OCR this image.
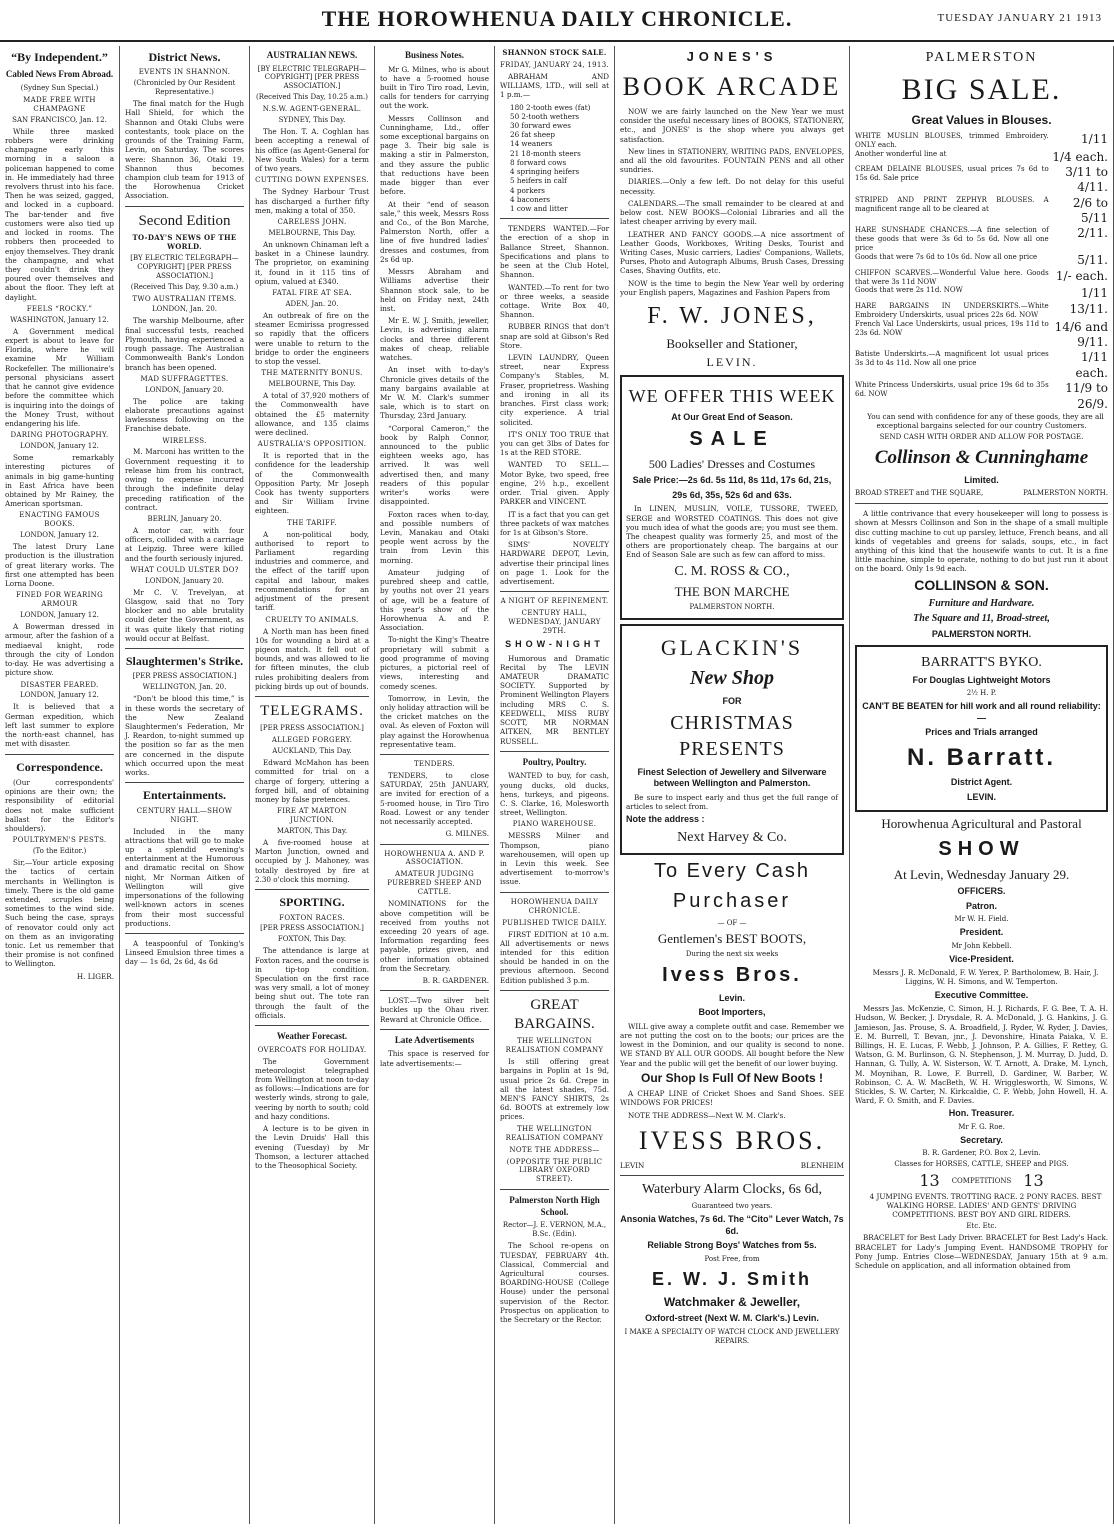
THE HOROWHENUA DAILY CHRONICLE.	TUESDAY JANUARY 21 1913
“By Independent.”
Cabled News From Abroad.
(Sydney Sun Special.)
MADE FREE WITH CHAMPAGNE
SAN FRANCISCO, Jan. 12.

While three masked robbers were drinking champagne early this morning in a saloon a policeman happened to come in. He immediately had three revolvers thrust into his face. Then he was seized, gagged, and locked in a cupboard. The bar-tender and five customers were also tied up and locked in rooms. The robbers then proceeded to enjoy themselves. They drank the champagne, and what they couldn't drink they poured over themselves and about the floor. They left at daylight.

FEELS “ROCKY.”
WASHINGTON, January 12.

A Government medical expert is about to leave for Florida, where he will examine Mr William Rockefeller. The millionaire's personal physicians assert that he cannot give evidence before the committee which is inquiring into the doings of the Money Trust, without endangering his life.

DARING PHOTOGRAPHY.
LONDON, January 12.

Some remarkably interesting pictures of animals in big game-hunting in East Africa have been obtained by Mr Rainey, the American sportsman.

ENACTING FAMOUS BOOKS.
LONDON, January 12.

The latest Drury Lane production is the illustration of great literary works. The first one attempted has been Lorna Doone.

FINED FOR WEARING ARMOUR
LONDON, January 12.

A Bowerman dressed in armour, after the fashion of a mediaeval knight, rode through the city of London to-day. He was advertising a picture show.

DISASTER FEARED.
LONDON, January 12.

It is believed that a German expedition, which left last summer to explore the north-east channel, has met with disaster.

Correspondence.

(Our correspondents' opinions are their own; the responsibility of editorial does not make sufficient ballast for the Editor's shoulders).

POULTRYMEN'S PESTS.
(To the Editor.)

Sir,—Your article exposing the tactics of certain merchants in Wellington is timely. There is the old game extended, scruples being sometimes to the wind side. Such being the case, sprays of renovator could only act on them as an invigorating tonic. Let us remember that their promise is not confined to Wellington.

H. LIGER.
District News.
EVENTS IN SHANNON.
(Chronicled by Our Resident Representative.)

The final match for the Hugh Hall Shield, for which the Shannon and Otaki Clubs were contestants, took place on the grounds of the Training Farm, Levin, on Saturday. The scores were: Shannon 36, Otaki 19. Shannon thus becomes champion club team for 1913 of the Horowhenua Cricket Association.

Second Edition
TO-DAY'S NEWS OF THE WORLD.
[BY ELECTRIC TELEGRAPH—COPYRIGHT] [PER PRESS ASSOCIATION.]
(Received This Day, 9.30 a.m.)
TWO AUSTRALIAN ITEMS.
LONDON, Jan. 20.

The warship Melbourne, after final successful tests, reached Plymouth, having experienced a rough passage. The Australian Commonwealth Bank's London branch has been opened.

MAD SUFFRAGETTES.
LONDON, January 20.

The police are taking elaborate precautions against lawlessness following on the Franchise debate.

WIRELESS.

M. Marconi has written to the Government requesting it to release him from his contract, owing to expense incurred through the indefinite delay preceding ratification of the contract.

BERLIN, January 20.

A motor car, with four officers, collided with a carriage at Leipzig. Three were killed and the fourth seriously injured.

WHAT COULD ULSTER DO?
LONDON, January 20.

Mr C. V. Trevelyan, at Glasgow, said that no Tory blocker and no able brutality could deter the Government, as it was quite likely that rioting would occur at Belfast.

Slaughtermen's Strike.
[PER PRESS ASSOCIATION.]
WELLINGTON, Jan. 20.

“Don't be blood this time,” is in these words the secretary of the New Zealand Slaughtermen's Federation, Mr J. Reardon, to-night summed up the position so far as the men are concerned in the dispute which occurred upon the meat works.

Entertainments.
CENTURY HALL—SHOW NIGHT.

Included in the many attractions that will go to make up a splendid evening's entertainment at the Humorous and dramatic recital on Show night, Mr Norman Aitken of Wellington will give impersonations of the following well-known actors in scenes from their most successful productions.

A teaspoonful of Tonking's Linseed Emulsion three times a day — 1s 6d, 2s 6d, 4s 6d

AUSTRALIAN NEWS.
[BY ELECTRIC TELEGRAPH—COPYRIGHT] [PER PRESS ASSOCIATION.]
(Received This Day, 10.25 a.m.)
N.S.W. AGENT-GENERAL.
SYDNEY, This Day.

The Hon. T. A. Coghlan has been accepting a renewal of his office (as Agent-General for New South Wales) for a term of two years.

CUTTING DOWN EXPENSES.

The Sydney Harbour Trust has discharged a further fifty men, making a total of 350.

CARELESS JOHN.
MELBOURNE, This Day.

An unknown Chinaman left a basket in a Chinese laundry. The proprietor, on examining it, found in it 115 tins of opium, valued at £340.

FATAL FIRE AT SEA.
ADEN, Jan. 20.

An outbreak of fire on the steamer Ecmirissa progressed so rapidly that the officers were unable to return to the bridge to order the engineers to stop the vessel.

THE MATERNITY BONUS.
MELBOURNE, This Day.

A total of 37,920 mothers of the Commonwealth have obtained the £5 maternity allowance, and 135 claims were declined.

AUSTRALIA'S OPPOSITION.

It is reported that in the confidence for the leadership of the Commonwealth Opposition Party, Mr Joseph Cook has twenty supporters and Sir William Irvine eighteen.

THE TARIFF.

A non-political body, authorised to report to Parliament regarding industries and commerce, and the effect of the tariff upon capital and labour, makes recommendations for an adjustment of the present tariff.

CRUELTY TO ANIMALS.

A North man has been fined 10s for wounding a bird at a pigeon match. It fell out of bounds, and was allowed to lie for fifteen minutes, the club rules prohibiting dealers from picking birds up out of bounds.

TELEGRAMS.
[PER PRESS ASSOCIATION.]
ALLEGED FORGERY.
AUCKLAND, This Day.

Edward McMahon has been committed for trial on a charge of forgery, uttering a forged bill, and of obtaining money by false pretences.

FIRE AT MARTON JUNCTION.
MARTON, This Day.

A five-roomed house at Marton Junction, owned and occupied by J. Mahoney, was totally destroyed by fire at 2.30 o'clock this morning.

SPORTING.
FOXTON RACES.
[PER PRESS ASSOCIATION.]
FOXTON, This Day.

The attendance is large at Foxton races, and the course is in tip-top condition. Speculation on the first race was very small, a lot of money being shut out. The tote ran through the fault of the officials.

Weather Forecast.
OVERCOATS FOR HOLIDAY.

The Government meteorologist telegraphed from Wellington at noon to-day as follows:—Indications are for westerly winds, strong to gale, veering by north to south; cold and hazy conditions.

A lecture is to be given in the Levin Druids' Hall this evening (Tuesday) by Mr Thomson, a lecturer attached to the Theosophical Society.

Business Notes.

Mr G. Milnes, who is about to have a 5-roomed house built in Tiro Tiro road, Levin, calls for tenders for carrying out the work.

Messrs Collinson and Cunninghame, Ltd., offer some exceptional bargains on page 3. Their big sale is making a stir in Palmerston, and they assure the public that reductions have been made bigger than ever before.

At their “end of season sale,” this week, Messrs Ross and Co., of the Bon Marche, Palmerston North, offer a line of five hundred ladies' dresses and costumes, from 2s 6d up.

Messrs Abraham and Williams advertise their Shannon stock sale, to be held on Friday next, 24th inst.

Mr E. W. J. Smith, jeweller, Levin, is advertising alarm clocks and three different makes of cheap, reliable watches.

An inset with to-day's Chronicle gives details of the many bargains available at Mr W. M. Clark's summer sale, which is to start on Thursday, 23rd January.

“Corporal Cameron,” the book by Ralph Connor, announced to the public eighteen weeks ago, has arrived. It was well advertised then, and many readers of this popular writer's works were disappointed.

Foxton races when to-day, and possible numbers of Levin, Manakau and Otaki people went across by the train from Levin this morning.

Amateur judging of purebred sheep and cattle, by youths not over 21 years of age, will be a feature of this year's show of the Horowhenua A. and P. Association.

To-night the King's Theatre proprietary will submit a good programme of moving pictures, a pictorial reel of views, interesting and comedy scenes.

Tomorrow, in Levin, the only holiday attraction will be the cricket matches on the oval. As eleven of Foxton will play against the Horowhenua representative team.

TENDERS.

TENDERS, to close SATURDAY, 25th JANUARY, are invited for erection of a 5-roomed house, in Tiro Tiro Road. Lowest or any tender not necessarily accepted.

G. MILNES.
HOROWHENUA A. AND P. ASSOCIATION.
AMATEUR JUDGING PUREBRED SHEEP AND CATTLE.

NOMINATIONS for the above competition will be received from youths not exceeding 20 years of age. Information regarding fees payable, prizes given, and other information obtained from the Secretary.

B. R. GARDENER.

LOST.—Two silver belt buckles up the Ohau river. Reward at Chronicle Office.

Late Advertisements

This space is reserved for late advertisements:—

SHANNON STOCK SALE.
FRIDAY, JANUARY 24, 1913.

ABRAHAM AND WILLIAMS, LTD., will sell at 1 p.m.—

180 2-tooth ewes (fat)
50 2-tooth wethers
30 forward ewes
26 fat sheep
14 weaners
21 18-month steers
8 forward cows
4 springing heifers
5 heifers in calf
4 porkers
4 baconers
1 cow and litter

TENDERS WANTED.—For the erection of a shop in Ballance Street, Shannon. Specifications and plans to be seen at the Club Hotel, Shannon.

WANTED.—To rent for two or three weeks, a seaside cottage. Write Box 40, Shannon.

RUBBER RINGS that don't snap are sold at Gibson's Red Store.

LEVIN LAUNDRY, Queen street, near Express Company's Stables, M. Fraser, proprietress. Washing and ironing in all its branches. First class work; city experience. A trial solicited.

IT'S ONLY TOO TRUE that you can get 3lbs of Dates for 1s at the RED STORE.

WANTED TO SELL.—Motor Byke, two speed, free engine, 2½ h.p., excellent order. Trial given. Apply PARKER and VINCENT.

IT is a fact that you can get three packets of wax matches for 1s at Gibson's Store.

SIMS' NOVELTY HARDWARE DEPOT, Levin, advertise their principal lines on page 1. Look for the advertisement.

A NIGHT OF REFINEMENT.
CENTURY HALL, WEDNESDAY, JANUARY 29TH.
SHOW-NIGHT

Humorous and Dramatic Recital by The LEVIN AMATEUR DRAMATIC SOCIETY. Supported by Prominent Wellington Players including MRS C. S. KEEDWELL, MISS RUBY SCOTT, MR NORMAN AITKEN, MR BENTLEY RUSSELL.

Poultry, Poultry.

WANTED to buy, for cash, young ducks, old ducks, hens, turkeys, and pigeons. C. S. Clarke, 16, Molesworth street, Wellington.

PIANO WAREHOUSE.

MESSRS Milner and Thompson, piano warehousemen, will open up in Levin this week. See advertisement to-morrow's issue.

HOROWHENUA DAILY CHRONICLE.
PUBLISHED TWICE DAILY.

FIRST EDITION at 10 a.m. All advertisements or news intended for this edition should be handed in on the previous afternoon. Second Edition published 3 p.m.

GREAT BARGAINS.
THE WELLINGTON REALISATION COMPANY

Is still offering great bargains in Poplin at 1s 9d, usual price 2s 6d. Crepe in all the latest shades, 75d. MEN'S FANCY SHIRTS, 2s 6d. BOOTS at extremely low prices.

THE WELLINGTON REALISATION COMPANY
NOTE THE ADDRESS—
(OPPOSITE THE PUBLIC LIBRARY OXFORD STREET).
Palmerston North High School.
Rector—J. E. VERNON, M.A., B.Sc. (Edin).

The School re-opens on TUESDAY, FEBRUARY 4th. Classical, Commercial and Agricultural courses. BOARDING-HOUSE (College House) under the personal supervision of the Rector. Prospectus on application to the Secretary or the Rector.

JONES'S
BOOK ARCADE

NOW we are fairly launched on the New Year we must consider the useful necessary lines of BOOKS, STATIONERY, etc., and JONES' is the shop where you always get satisfaction.

New lines in STATIONERY, WRITING PADS, ENVELOPES, and all the old favourites. FOUNTAIN PENS and all other sundries.

DIARIES.—Only a few left. Do not delay for this useful necessity.

CALENDARS.—The small remainder to be cleared at and below cost. NEW BOOKS—Colonial Libraries and all the latest cheaper arriving by every mail.

LEATHER AND FANCY GOODS.—A nice assortment of Leather Goods, Workboxes, Writing Desks, Tourist and Writing Cases, Music carriers, Ladies' Companions, Wallets, Purses, Photo and Autograph Albums, Brush Cases, Dressing Cases, Shaving Outfits, etc.

NOW is the time to begin the New Year well by ordering your English papers, Magazines and Fashion Papers from

F. W. JONES,
Bookseller and Stationer,
LEVIN.
WE OFFER THIS WEEK
At Our Great End of Season.
SALE
500 Ladies' Dresses and Costumes
Sale Price:—2s 6d. 5s 11d, 8s 11d, 17s 6d, 21s,
29s 6d, 35s, 52s 6d and 63s.

In LINEN, MUSLIN, VOILE, TUSSORE, TWEED, SERGE and WORSTED COATINGS. This does not give you much idea of what the goods are; you must see them. The cheapest quality was formerly 25, and most of the others are proportionately cheap. The bargains at our End of Season Sale are such as few can afford to miss.

C. M. ROSS & CO.,
THE BON MARCHE
PALMERSTON NORTH.
GLACKIN'S
New Shop
FOR
CHRISTMAS PRESENTS
Finest Selection of Jewellery and Silverware between Wellington and Palmerston.

Be sure to inspect early and thus get the full range of articles to select from.

Note the address :
Next Harvey & Co.
To Every Cash
Purchaser
— OF —
Gentlemen's BEST BOOTS,
During the next six weeks
Ivess Bros.
Levin.
Boot Importers,

WILL give away a complete outfit and case. Remember we are not putting the cost on to the boots; our prices are the lowest in the Dominion, and our quality is second to none. WE STAND BY ALL OUR GOODS. All bought before the New Year and the public will get the benefit of our lower buying.

Our Shop Is Full Of New Boots !

A CHEAP LINE of Cricket Shoes and Sand Shoes. SEE WINDOWS FOR PRICES!

NOTE THE ADDRESS—Next W. M. Clark's.

IVESS BROS.
LEVIN	BLENHEIM
Waterbury Alarm Clocks, 6s 6d,
Guaranteed two years.
Ansonia Watches, 7s 6d. The “Cito” Lever Watch, 7s 6d.
Reliable Strong Boys' Watches from 5s.
Post Free, from
E. W. J. Smith
Watchmaker & Jeweller,
Oxford-street (Next W. M. Clark's.) Levin.
I MAKE A SPECIALTY OF WATCH CLOCK AND JEWELLERY REPAIRS.
PALMERSTON
BIG SALE.
Great Values in Blouses.
WHITE MUSLIN BLOUSES, trimmed Embroidery. ONLY each.	1/11
Another wonderful line at	1/4 each.
CREAM DELAINE BLOUSES, usual prices 7s 6d to 15s 6d. Sale price	3/11 to 4/11.
STRIPED AND PRINT ZEPHYR BLOUSES. A magnificent range all to be cleared at	2/6 to 5/11
HARE SUNSHADE CHANCES.—A fine selection of these goods that were 3s 6d to 5s 6d. Now all one price	2/11.
Goods that were 7s 6d to 10s 6d. Now all one price	5/11.
CHIFFON SCARVES.—Wonderful Value here. Goods that were 3s 11d NOW	1/- each.
Goods that were 2s 11d. NOW	1/11
HARE BARGAINS IN UNDERSKIRTS.—White Embroidery Underskirts, usual prices 22s 6d. NOW	13/11.
French Val Lace Underskirts, usual prices, 19s 11d to 23s 6d. NOW	14/6 and 9/11.
Batiste Underskirts.—A magnificent lot usual prices 3s 3d to 4s 11d. Now all one price	1/11 each.
White Princess Underskirts, usual price 19s 6d to 35s 6d. NOW	11/9 to 26/9.

You can send with confidence for any of these goods, they are all exceptional bargains selected for our country Customers.

SEND CASH WITH ORDER AND ALLOW FOR POSTAGE.
Collinson & Cunninghame
Limited.
BROAD STREET and THE SQUARE,	PALMERSTON NORTH.

A little contrivance that every housekeeper will long to possess is shown at Messrs Collinson and Son in the shape of a small multiple disc cutting machine to cut up parsley, lettuce, French beans, and all kinds of vegetables and greens for salads, soups, etc., in fact anything of this kind that the housewife wants to cut. It is a fine little machine, simple to operate, nothing to do but just run it about on the board. Only 1s 9d each.

COLLINSON & SON.
Furniture and Hardware.
The Square and 11, Broad-street,
PALMERSTON NORTH.
BARRATT'S BYKO.
For Douglas Lightweight Motors
2½ H. P.
CAN'T BE BEATEN for hill work and all round reliability:—
Prices and Trials arranged
N. Barratt.
District Agent.
LEVIN.
Horowhenua Agricultural and Pastoral
SHOW
At Levin, Wednesday January 29.
OFFICERS.
Patron.
Mr W. H. Field.
President.
Mr John Kebbell.
Vice-President.

Messrs J. R. McDonald, F. W. Yerex, P. Bartholomew, B. Hair, J. Liggins, W. H. Simons, and W. Temperton.

Executive Committee.

Messrs Jas. McKenzie, C. Simon, H. J. Richards, F. G. Bee, T. A. H. Hudson, W. Becker, J. Drysdale, R. A. McDonald, J. G. Hankins, J. G. Jamieson, Jas. Prouse, S. A. Broadfield, J. Ryder, W. Ryder, J. Davies, E. M. Burrell, T. Bevan, jnr., J. Devonshire, Hinata Paiaka, V. E. Billings, H. E. Lucas, F. Webb, J. Johnson, P. A. Gillies, F. Rettey, G. Watson, G. M. Burlinson, G. N. Stephenson, J. M. Murray, D. Judd, D. Hannan, G. Tully, A. W. Sisterson, W. T. Arnott, A. Drake, M. Lynch, M. Moynihan, R. Lowe, F. Burrell, D. Gardiner, W. Barber, W. Robinson, C. A. W. MacBeth, W. H. Wrigglesworth, W. Simons, W. Stickles, S. W. Carter, N. Kirkcaldie, C. F. Webb, John Howell, H. A. Ward, F. O. Smith, and F. Davies.

Hon. Treasurer.
Mr F. G. Roe.
Secretary.
B. R. Gardener, P.O. Box 2, Levin.
Classes for HORSES, CATTLE, SHEEP and PIGS.
13 COMPETITIONS 13

4 JUMPING EVENTS. TROTTING RACE. 2 PONY RACES. BEST WALKING HORSE. LADIES' AND GENTS' DRIVING COMPETITIONS. BEST BOY AND GIRL RIDERS.

Etc. Etc.

BRACELET for Best Lady Driver. BRACELET for Best Lady's Hack. BRACELET for Lady's Jumping Event. HANDSOME TROPHY for Pony Jump. Entries Close—WEDNESDAY, January 15th at 9 a.m. Schedule on application, and all information obtained from
